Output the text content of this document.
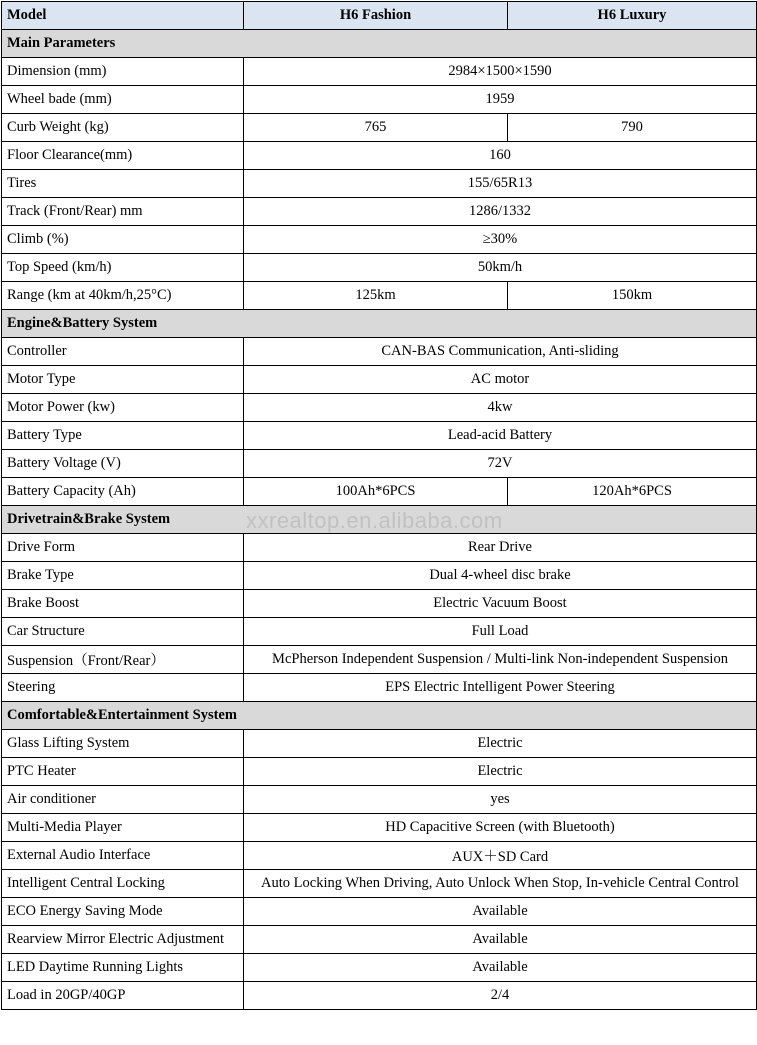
Model	H6 Fashion	H6 Luxury
Main Parameters		
Dimension (mm)	2984×1500×1590	
Wheel bade (mm)	1959	
Curb Weight (kg)	765	790
Floor Clearance(mm)	160	
Tires	155/65R13	
Track (Front/Rear) mm	1286/1332	
Climb (%)	≥30%	
Top Speed (km/h)	50km/h	
Range (km at 40km/h,25°C)	125km	150km
Engine&Battery System		
Controller	CAN-BAS Communication, Anti-sliding	
Motor Type	AC motor	
Motor Power (kw)	4kw	
Battery Type	Lead-acid Battery	
Battery Voltage (V)	72V	
Battery Capacity (Ah)	100Ah*6PCS	120Ah*6PCS
Drivetrain&Brake System		
Drive Form	Rear Drive	
Brake Type	Dual 4-wheel disc brake	
Brake Boost	Electric Vacuum Boost	
Car Structure	Full Load	
Suspension（Front/Rear）	McPherson Independent Suspension / Multi-link Non-independent Suspension	
Steering	EPS Electric Intelligent Power Steering	
Comfortable&Entertainment System		
Glass Lifting System	Electric	
PTC Heater	Electric	
Air conditioner	yes	
Multi-Media Player	HD Capacitive Screen (with Bluetooth)	
External Audio Interface	AUX＋SD Card	
Intelligent Central Locking	Auto Locking When Driving, Auto Unlock When Stop, In-vehicle Central Control	
ECO Energy Saving Mode	Available	
Rearview Mirror Electric Adjustment	Available	
LED Daytime Running Lights	Available	
Load in 20GP/40GP	2/4	
xxrealtop.en.alibaba.com
